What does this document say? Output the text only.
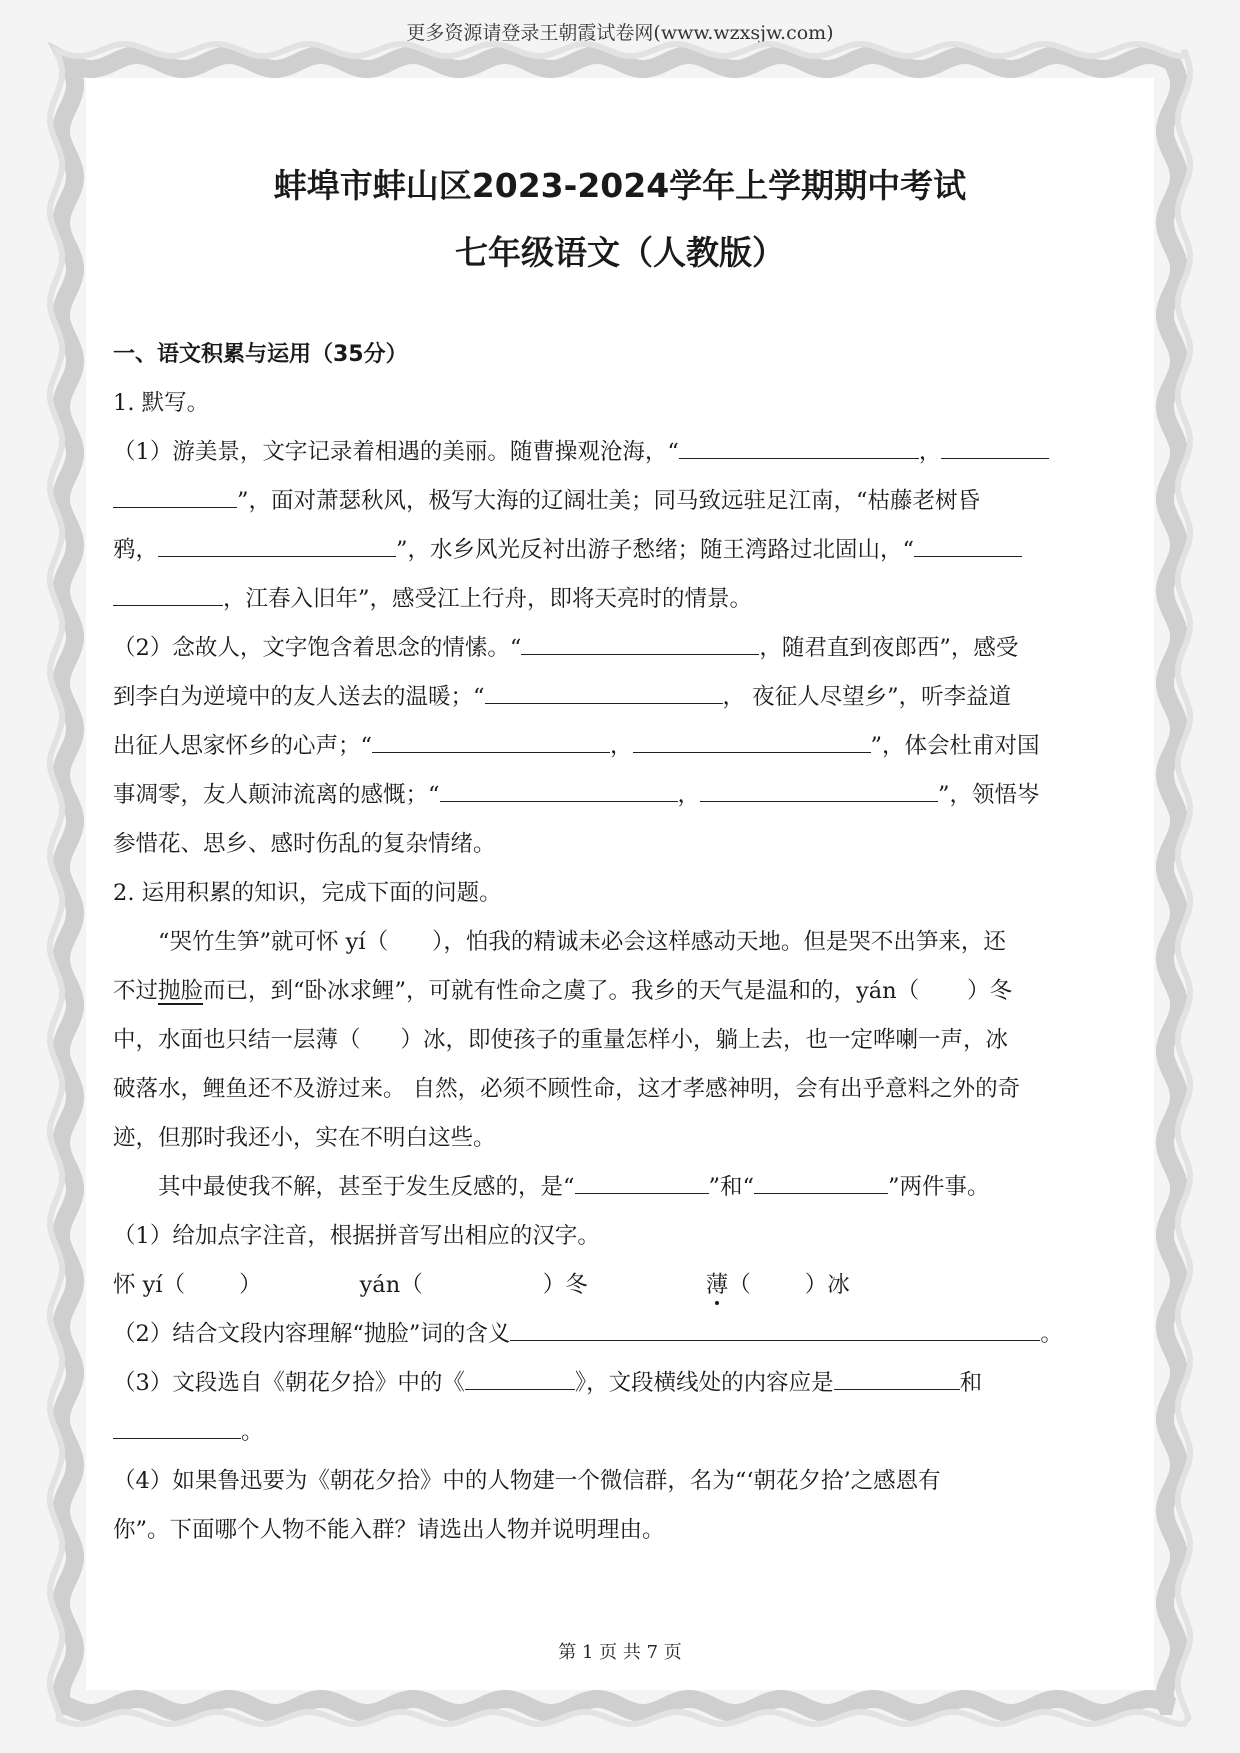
更多资源请登录王朝霞试卷网(www.wzxsjw.com)
蚌埠市蚌山区2023-2024学年上学期期中考试
七年级语文（人教版）
一、语文积累与运用（35分）
1. 默写。
（1）游美景，文字记录着相遇的美丽。随曹操观沧海，“	，
”，面对萧瑟秋风，极写大海的辽阔壮美；同马致远驻足江南，“枯藤老树昏
鸦，	”，水乡风光反衬出游子愁绪；随王湾路过北固山，“
，江春入旧年”，感受江上行舟，即将天亮时的情景。
（2）念故人，文字饱含着思念的情愫。“	，随君直到夜郎西”，感受
到李白为逆境中的友人送去的温暖；“	， 夜征人尽望乡”，听李益道
出征人思家怀乡的心声；“	，	”，体会杜甫对国
事凋零，友人颠沛流离的感慨；“	，	”，领悟岑
参惜花、思乡、感时伤乱的复杂情绪。
2. 运用积累的知识，完成下面的问题。
“哭竹生笋”就可怀 yí（ ），怕我的精诚未必会这样感动天地。但是哭不出笋来，还
不过抛脸而已，到“卧冰求鲤”，可就有性命之虞了。我乡的天气是温和的，yán（ ）冬
中，水面也只结一层薄（ ）冰，即使孩子的重量怎样小，躺上去，也一定哗喇一声，冰
破落水，鲤鱼还不及游过来。 自然，必须不顾性命，这才孝感神明，会有出乎意料之外的奇
迹，但那时我还小，实在不明白这些。
其中最使我不解，甚至于发生反感的，是“	”和“	”两件事。
（1）给加点字注音，根据拼音写出相应的汉字。
怀 yí（ ）	yán（	）冬	薄（ ）冰
（2）结合文段内容理解“抛脸”词的含义	。
（3）文段选自《朝花夕拾》中的《	》，文段横线处的内容应是	和
。
（4）如果鲁迅要为《朝花夕拾》中的人物建一个微信群，名为“‘朝花夕拾’之感恩有
你”。下面哪个人物不能入群？请选出人物并说明理由。
第 1 页 共 7 页
